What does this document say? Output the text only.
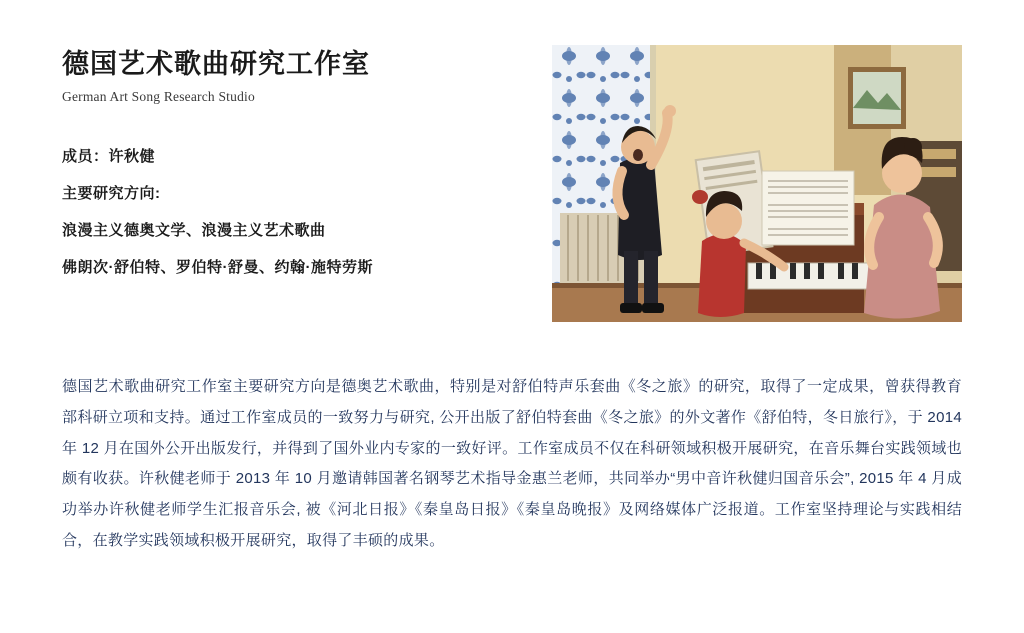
德国艺术歌曲研究工作室
German Art Song Research Studio
成员：许秋健
主要研究方向:
浪漫主义德奥文学、浪漫主义艺术歌曲
佛朗次·舒伯特、罗伯特·舒曼、约翰·施特劳斯
德国艺术歌曲研究工作室主要研究方向是德奥艺术歌曲，特别是对舒伯特声乐套曲《冬之旅》的研究，取得了一定成果，曾获得教育部科研立项和支持。通过工作室成员的一致努力与研究, 公开出版了舒伯特套曲《冬之旅》的外文著作《舒伯特，冬日旅行》，于 2014 年 12 月在国外公开出版发行，并得到了国外业内专家的一致好评。工作室成员不仅在科研领域积极开展研究，在音乐舞台实践领域也颇有收获。许秋健老师于 2013 年 10 月邀请韩国著名钢琴艺术指导金惠兰老师，共同举办“男中音许秋健归国音乐会”, 2015 年 4 月成功举办许秋健老师学生汇报音乐会, 被《河北日报》《秦皇岛日报》《秦皇岛晚报》及网络媒体广泛报道。工作室坚持理论与实践相结合，在教学实践领域积极开展研究，取得了丰硕的成果。
